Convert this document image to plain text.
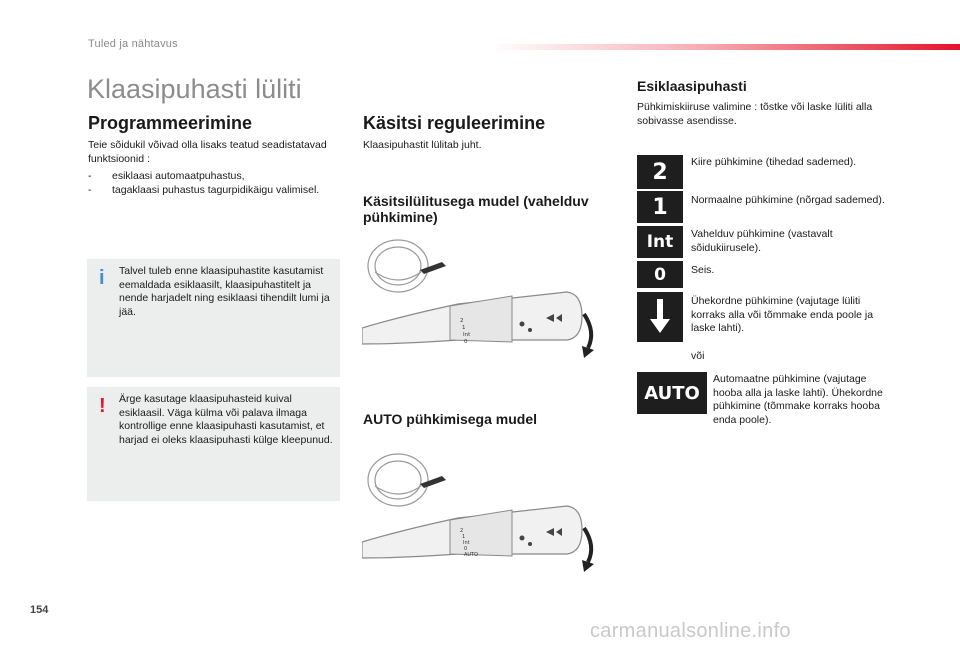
Tuled ja nähtavus
Klaasipuhasti lüliti
Programmeerimine
Teie sõidukil võivad olla lisaks teatud seadistatavad funktsioonid :
- esiklaasi automaatpuhastus,
- tagaklaasi puhastus tagurpidikäigu valimisel.
i Talvel tuleb enne klaasipuhastite kasutamist eemaldada esiklaasilt, klaasipuhastitelt ja nende harjadelt ning esiklaasi tihendilt lumi ja jää.
! Ärge kasutage klaasipuhasteid kuival esiklaasil. Väga külma või palava ilmaga kontrollige enne klaasipuhasti kasutamist, et harjad ei oleks klaasipuhasti külge kleepunud.
Käsitsi reguleerimine
Klaasipuhastit lülitab juht.
Käsitsilülitusega mudel (vahelduv pühkimine)
2
1
Int
0
AUTO pühkimisega mudel
2
1
Int
0
AUTO
Esiklaasipuhasti
Pühkimiskiiruse valimine : tõstke või laske lüliti alla sobivasse asendisse.
2	Kiire pühkimine (tihedad sademed).
1	Normaalne pühkimine (nõrgad sademed).
Int	Vahelduv pühkimine (vastavalt sõidukiirusele).
0	Seis.
Ühekordne pühkimine (vajutage lüliti korraks alla või tõmmake enda poole ja laske lahti).
või
AUTO
Automaatne pühkimine (vajutage hooba alla ja laske lahti). Ühekordne pühkimine (tõmmake korraks hooba enda poole).
154
carmanualsonline.info
